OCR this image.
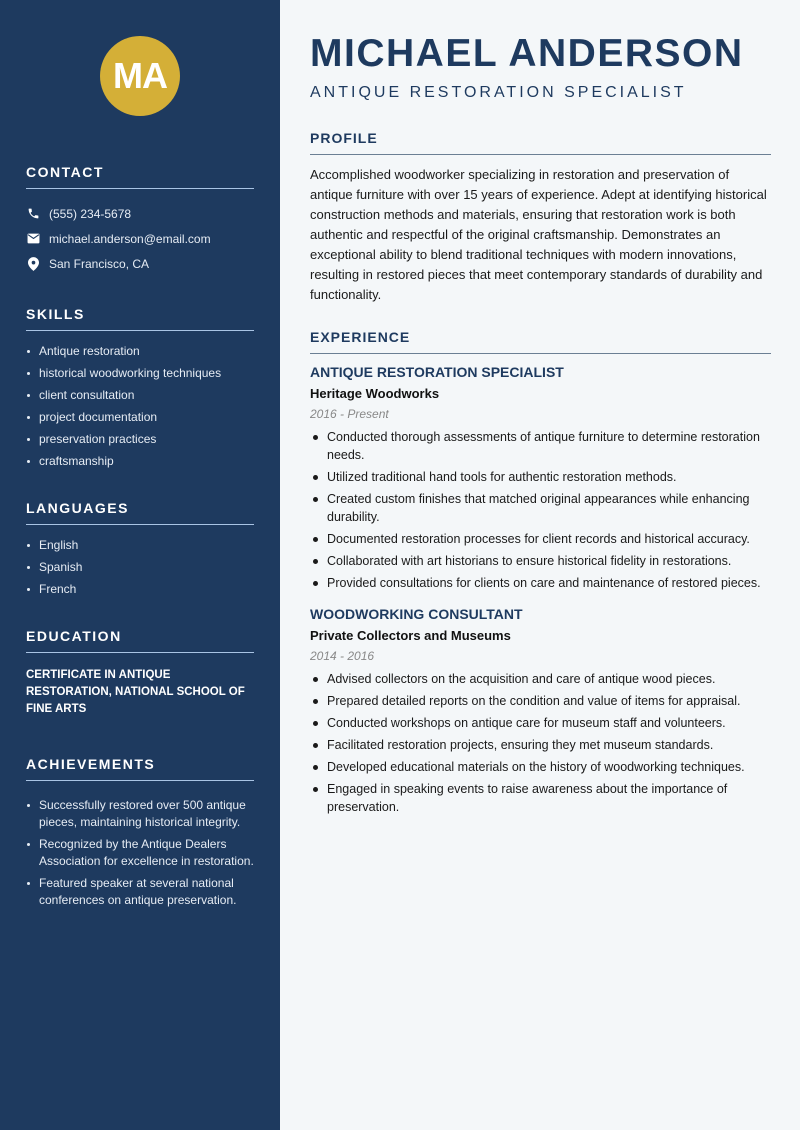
MA
CONTACT
(555) 234-5678
michael.anderson@email.com
San Francisco, CA
SKILLS
Antique restoration
historical woodworking techniques
client consultation
project documentation
preservation practices
craftsmanship
LANGUAGES
English
Spanish
French
EDUCATION

CERTIFICATE IN ANTIQUE RESTORATION, NATIONAL SCHOOL OF FINE ARTS

ACHIEVEMENTS
Successfully restored over 500 antique pieces, maintaining historical integrity.
Recognized by the Antique Dealers Association for excellence in restoration.
Featured speaker at several national conferences on antique preservation.
MICHAEL ANDERSON
ANTIQUE RESTORATION SPECIALIST
PROFILE

Accomplished woodworker specializing in restoration and preservation of antique furniture with over 15 years of experience. Adept at identifying historical construction methods and materials, ensuring that restoration work is both authentic and respectful of the original craftsmanship. Demonstrates an exceptional ability to blend traditional techniques with modern innovations, resulting in restored pieces that meet contemporary standards of durability and functionality.

EXPERIENCE
ANTIQUE RESTORATION SPECIALIST
Heritage Woodworks
2016 - Present
Conducted thorough assessments of antique furniture to determine restoration needs.
Utilized traditional hand tools for authentic restoration methods.
Created custom finishes that matched original appearances while enhancing durability.
Documented restoration processes for client records and historical accuracy.
Collaborated with art historians to ensure historical fidelity in restorations.
Provided consultations for clients on care and maintenance of restored pieces.
WOODWORKING CONSULTANT
Private Collectors and Museums
2014 - 2016
Advised collectors on the acquisition and care of antique wood pieces.
Prepared detailed reports on the condition and value of items for appraisal.
Conducted workshops on antique care for museum staff and volunteers.
Facilitated restoration projects, ensuring they met museum standards.
Developed educational materials on the history of woodworking techniques.
Engaged in speaking events to raise awareness about the importance of preservation.
